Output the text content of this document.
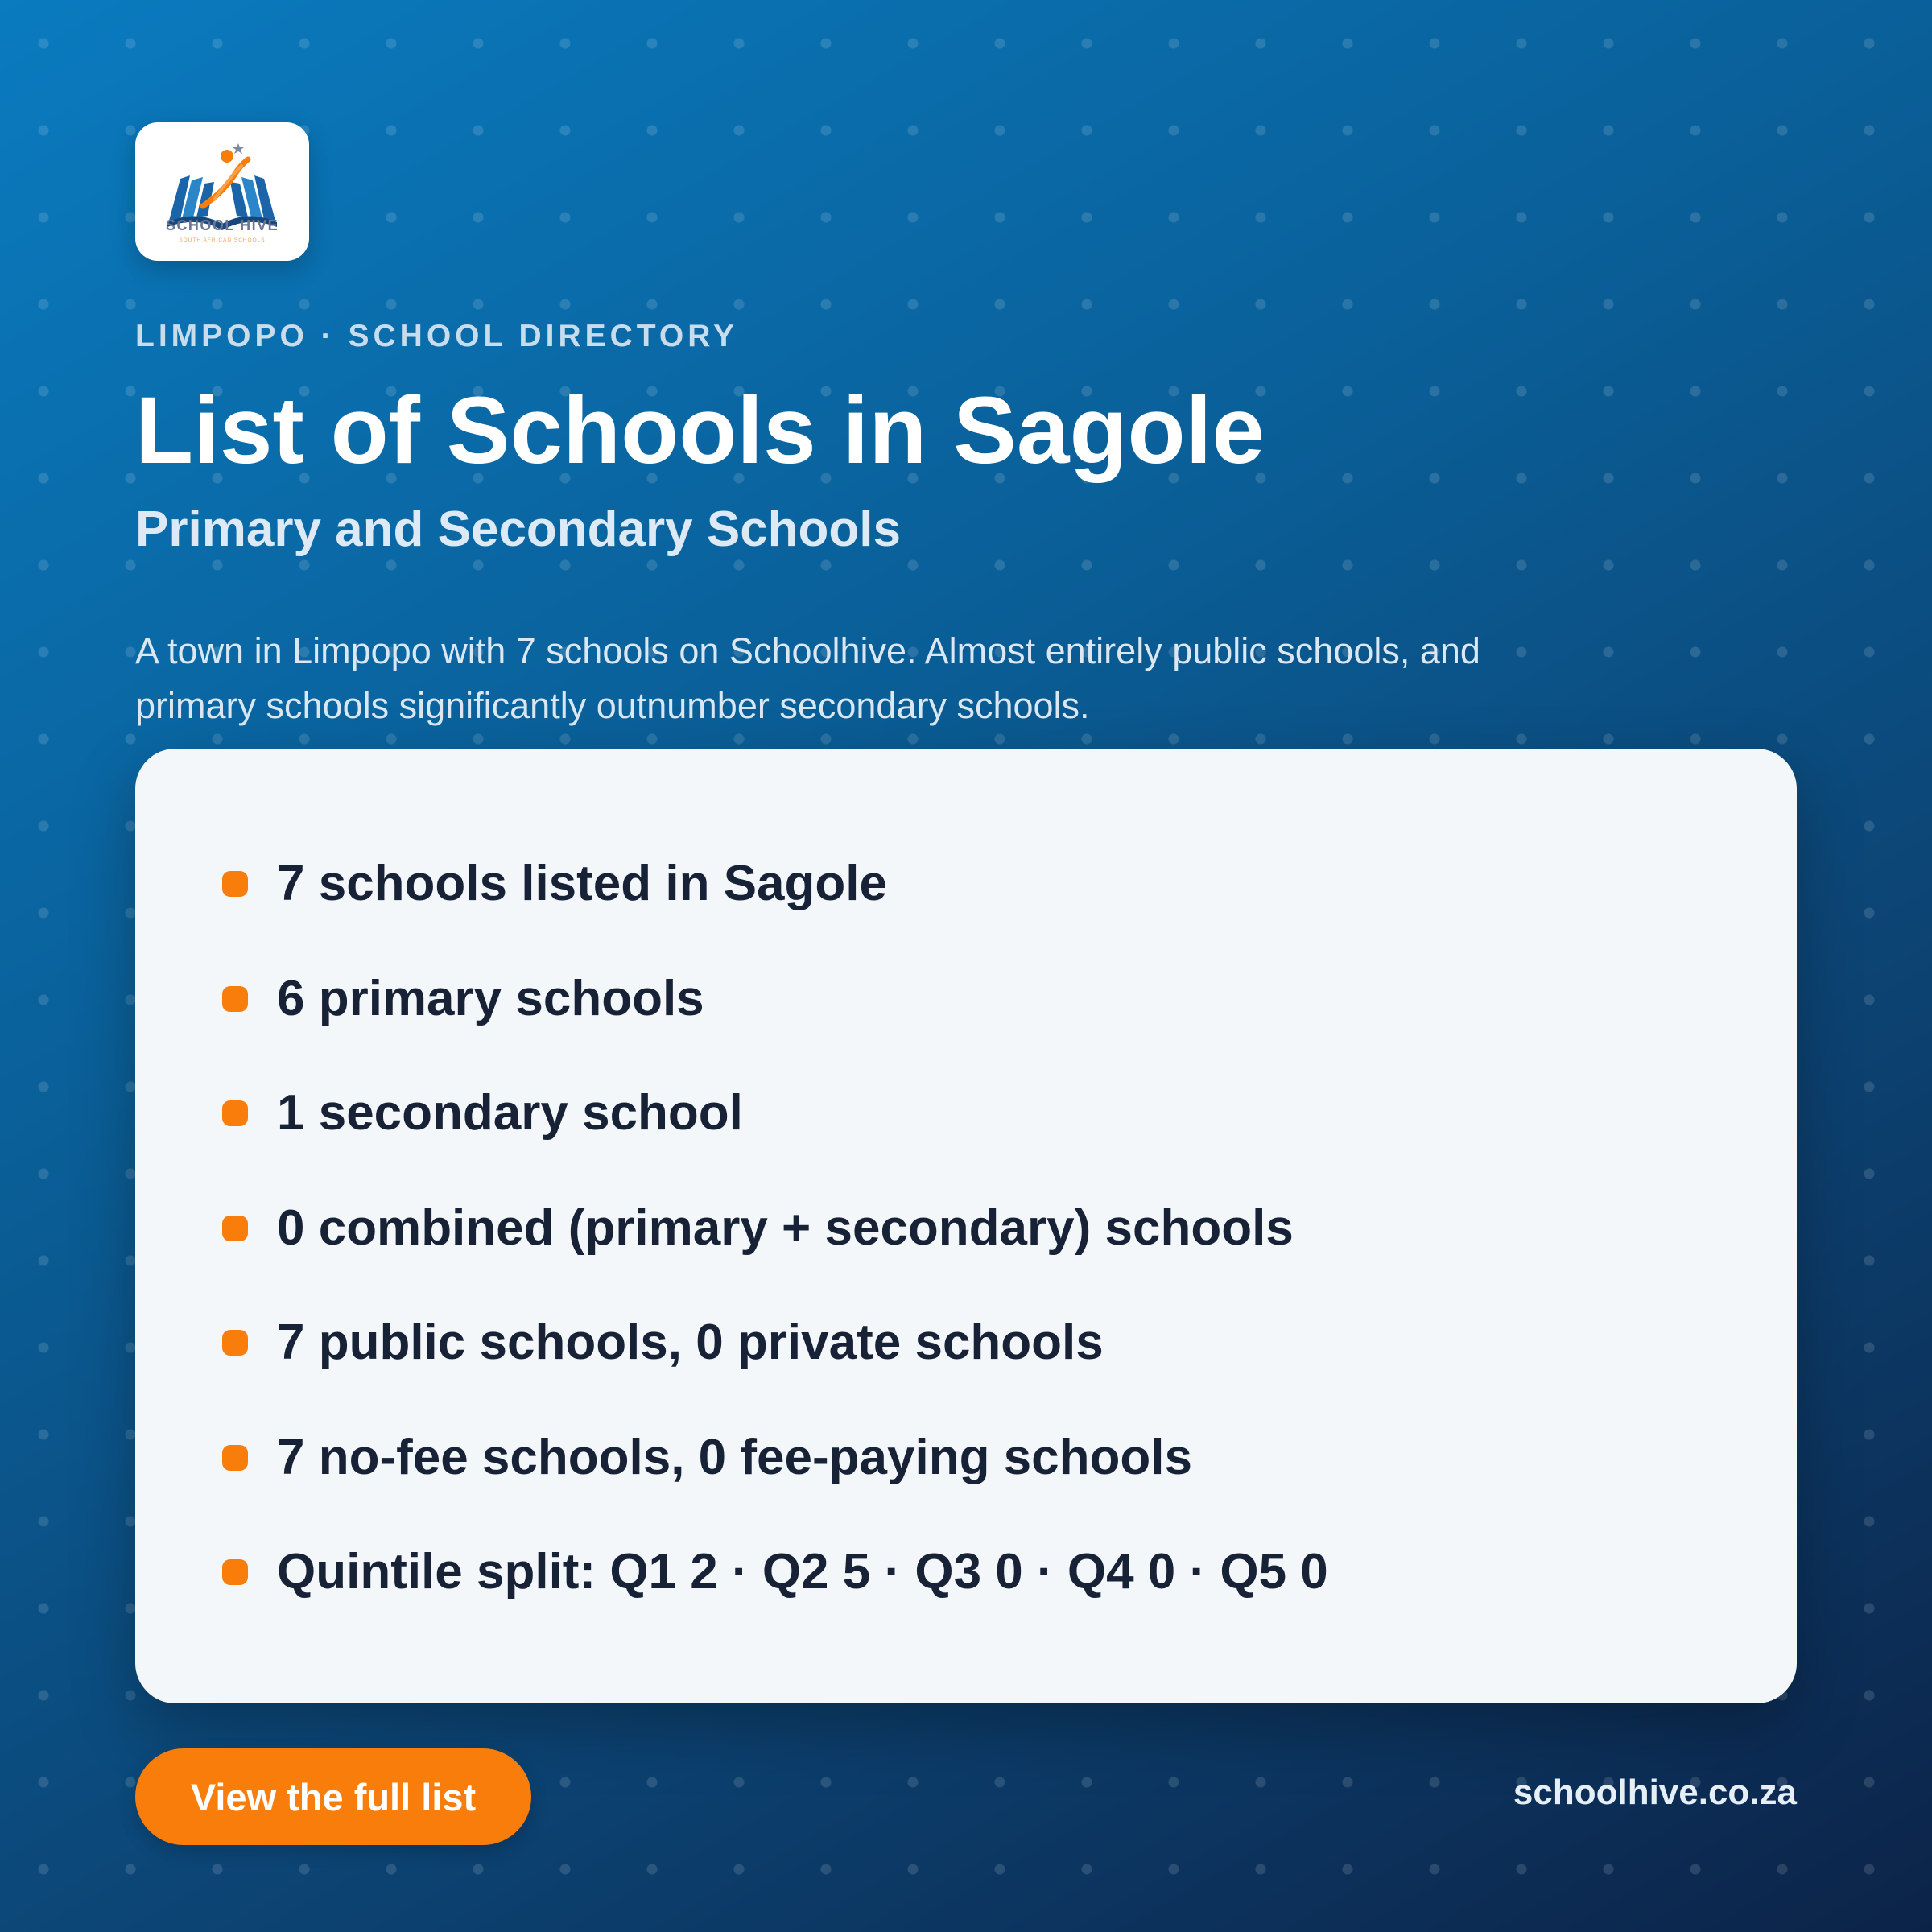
SCHOOL HIVE
SOUTH AFRICAN SCHOOLS
LIMPOPO · SCHOOL DIRECTORY
List of Schools in Sagole
Primary and Secondary Schools

A town in Limpopo with 7 schools on Schoolhive. Almost entirely public schools, and primary schools significantly outnumber secondary schools.

7 schools listed in Sagole
6 primary schools
1 secondary school
0 combined (primary + secondary) schools
7 public schools, 0 private schools
7 no-fee schools, 0 fee-paying schools
Quintile split: Q1 2 · Q2 5 · Q3 0 · Q4 0 · Q5 0
View the full list	schoolhive.co.za
